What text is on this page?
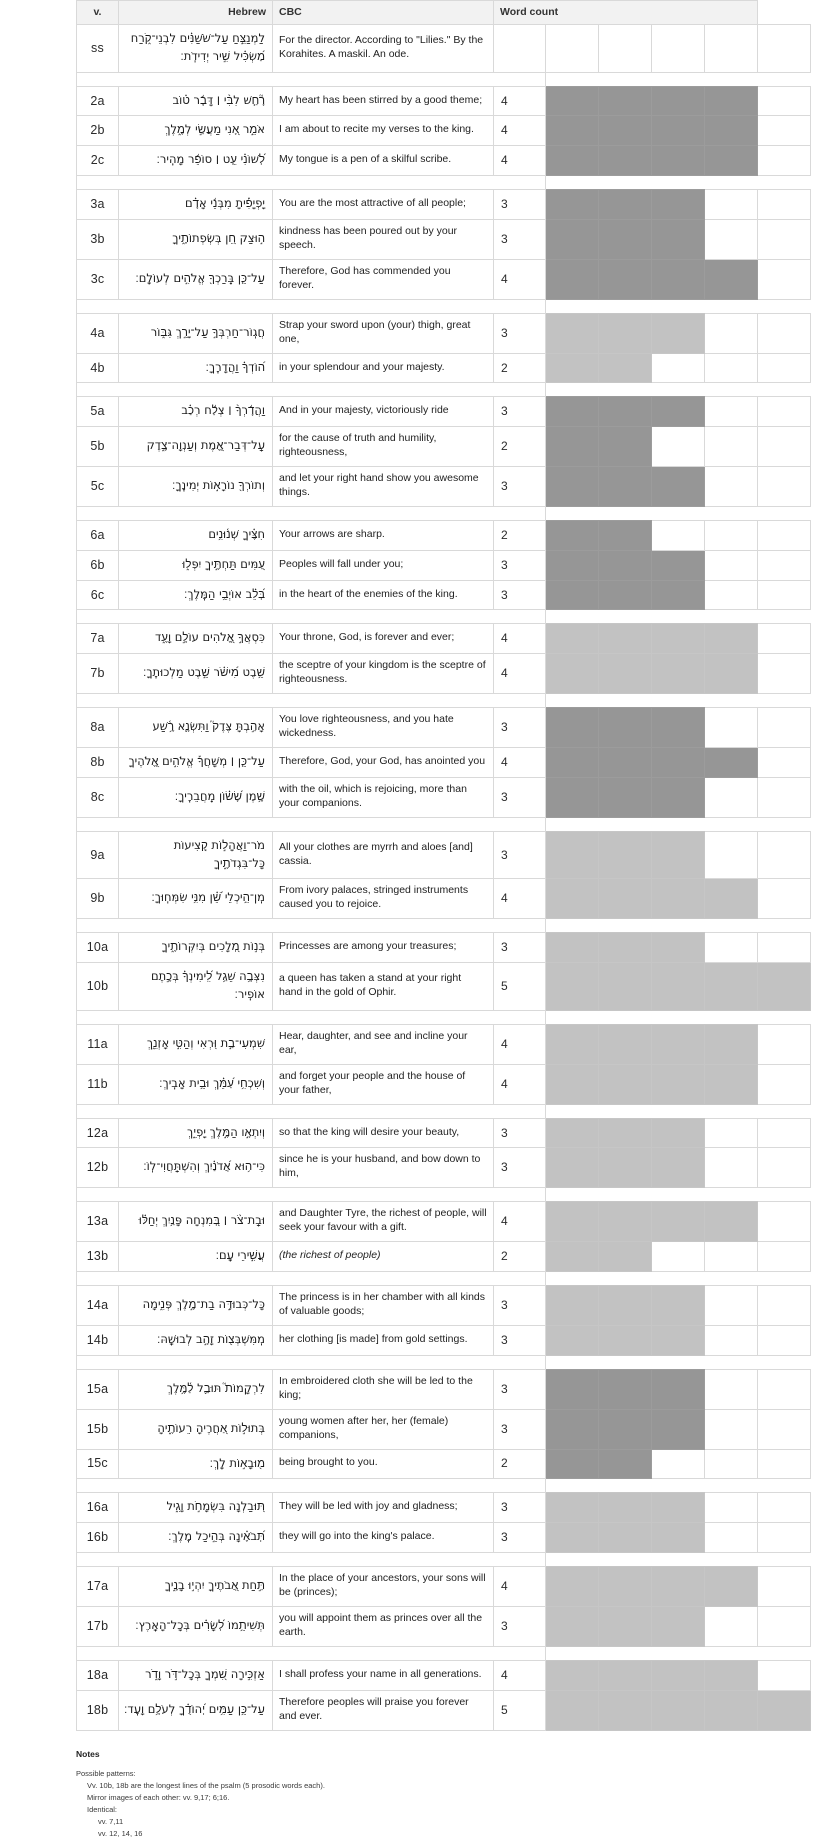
v.	Hebrew	CBC	Word count					
ss	לַמְנַצֵּ֣חַ עַל־שֹׁשַׁנִּ֗ים לִבְנֵי־קֹ֑רַח מַ֝שְׂכִּ֗יל שִׁ֣יר יְדִידֹֽת׃	For the director. According to "Lilies." By the Korahites. A maskil. An ode.						

2a	רָ֘חַ֤שׁ לִבִּ֨י ׀ דָּבָ֬ר ט֗וֹב	My heart has been stirred by a good theme;	4					
2b	אֹמֵ֣ר אָ֭נִי מַעֲשַׂ֣י לְמֶ֑לֶךְ	I am about to recite my verses to the king.	4					
2c	לְ֝שׁוֹנִ֗י עֵ֤ט ׀ סוֹפֵ֬ר מָהִֽיר׃	My tongue is a pen of a skilful scribe.	4					

3a	יָפְיָפִ֡יתָ מִבְּנֵ֬י אָדָ֗ם	You are the most attractive of all people;	3					
3b	ה֣וּצַק חֵ֭ן בְּשְׂפְתוֹתֶ֑יךָ	kindness has been poured out by your speech.	3					
3c	עַל־כֵּ֤ן בֵּֽרַכְךָ֖ אֱלֹהִ֣ים לְעוֹלָֽם׃	Therefore, God has commended you forever.	4					

4a	חֲגֽוֹר־חַרְבְּךָ֣ עַל־יָרֵ֣ךְ גִּבּ֑וֹר	Strap your sword upon (your) thigh, great one,	3					
4b	ה֝וֹדְךָ֗ וַהֲדָרֶֽךָ׃	in your splendour and your majesty.	2					

5a	וַהֲדָ֬רְךָ֨ ׀ צְלַ֬ח רְכַ֗ב	And in your majesty, victoriously ride	3					
5b	עַֽל־דְּבַר־אֱ֭מֶת וְעַנְוָה־צֶ֑דֶק	for the cause of truth and humility, righteousness,	2					
5c	וְתוֹרְךָ֖ נוֹרָא֣וֹת יְמִינֶֽךָ׃	and let your right hand show you awesome things.	3					

6a	חִצֶּ֗יךָ שְׁנ֫וּנִ֥ים	Your arrows are sharp.	2					
6b	עַ֭מִּים תַּחְתֶּ֣יךָ יִפְּל֑וּ	Peoples will fall under you;	3					
6c	בְּ֝לֵ֗ב אוֹיְבֵ֥י הַמֶּֽלֶךְ׃	in the heart of the enemies of the king.	3					

7a	כִּסְאֲךָ֣ אֱ֭לֹהִים עוֹלָ֣ם וָעֶ֑ד	Your throne, God, is forever and ever;	4					
7b	שֵׁ֥בֶט מִ֝ישֹׁ֗ר שֵׁ֣בֶט מַלְכוּתֶֽךָ׃	the sceptre of your kingdom is the sceptre of righteousness.	4					

8a	אָהַ֣בְתָּ צֶּדֶק֮ וַתִּשְׂנָ֪א רֶ֥֫שַׁע	You love righteousness, and you hate wickedness.	3					
8b	עַל־כֵּ֤ן ׀ מְשָׁחֲךָ֡ אֱלֹהִ֣ים אֱ֭לֹהֶיךָ	Therefore, God, your God, has anointed you	4					
8c	שֶׁ֥מֶן שָׂ֝שׂ֗וֹן מֵֽחֲבֵרֶֽיךָ׃	with the oil, which is rejoicing, more than your companions.	3					

9a	מֹר־וַאֲהָל֣וֹת קְ֭צִיעוֹת כָּל־בִּגְדֹתֶ֑יךָ	All your clothes are myrrh and aloes [and] cassia.	3					
9b	מִֽן־הֵ֥יכְלֵי שֵׁ֝֗ן מִנִּ֥י שִׂמְּחֽוּךָ׃	From ivory palaces, stringed instruments caused you to rejoice.	4					

10a	בְּנ֣וֹת מְ֭לָכִים בְּיִקְּרוֹתֶ֑יךָ	Princesses are among your treasures;	3					
10b	נִצְּבָ֥ה שֵׁגַ֥ל לִֽ֝ימִינְךָ֗ בְּכֶ֣תֶם אוֹפִֽיר׃	a queen has taken a stand at your right hand in the gold of Ophir.	5					

11a	שִׁמְעִי־בַ֣ת וּ֭רְאִי וְהַטִּ֣י אָזְנֵ֑ךְ	Hear, daughter, and see and incline your ear,	4					
11b	וְשִׁכְחִ֥י עַ֝מֵּ֗ךְ וּבֵ֥ית אָבִֽיךְ׃	and forget your people and the house of your father,	4					

12a	וְיִתְאָ֣ו הַמֶּ֣לֶךְ יָפְיֵ֑ךְ	so that the king will desire your beauty,	3					
12b	כִּי־ה֥וּא אֲ֝דֹנַ֗יִךְ וְהִשְׁתַּֽחֲוִי־לֽוֹ׃	since he is your husband, and bow down to him,	3					

13a	וּבַֽת־צֹ֨ר ׀ בְּ֭מִנְחָה פָּנַ֥יִךְ יְחַלּ֗וּ	and Daughter Tyre, the richest of people, will seek your favour with a gift.	4					
13b	עֲשִׁ֣ירֵי עָֽם׃	(the richest of people)	2					

14a	כָּל־כְּבוּדָּ֣ה בַת־מֶ֣לֶךְ פְּנִ֑ימָה	The princess is in her chamber with all kinds of valuable goods;	3					
14b	מִֽמִּשְׁבְּצ֖וֹת זָהָ֣ב לְבוּשָֽׁהּ׃	her clothing [is made] from gold settings.	3					

15a	לִרְקָמוֹת֮ תּוּבַ֪ל לַ֫מֶּ֥לֶךְ	In embroidered cloth she will be led to the king;	3					
15b	בְּתוּל֣וֹת אַ֭חֲרֶיהָ רֵעוֹתֶ֑יהָ	young women after her, her (female) companions,	3					
15c	מ֖וּבָא֣וֹת לָֽךְ׃	being brought to you.	2					

16a	תּ֭וּבַלְנָה בִּשְׂמָחֹ֣ת וָגִ֑יל	They will be led with joy and gladness;	3					
16b	תְּ֝בֹאֶ֗ינָה בְּהֵ֣יכַל מֶֽלֶךְ׃	they will go into the king's palace.	3					

17a	תַּ֣חַת אֲ֭בֹתֶיךָ יִהְי֣וּ בָנֶ֑יךָ	In the place of your ancestors, your sons will be (princes);	4					
17b	תְּשִׁיתֵ֥מוֹ לְ֝שָׂרִ֗ים בְּכָל־הָאָֽרֶץ׃	you will appoint them as princes over all the earth.	3					

18a	אַזְכִּ֣ירָה שִׁ֭מְךָ בְּכָל־דֹּ֣ר וָדֹ֑ר	I shall profess your name in all generations.	4					
18b	עַל־כֵּ֥ן עַמִּ֥ים יְ֝הוֹדֻ֗ךָ לְעֹלָ֥ם וָעֶֽד׃	Therefore peoples will praise you forever and ever.	5					
Notes
Possible patterns:
Vv. 10b, 18b are the longest lines of the psalm (5 prosodic words each).
Mirror images of each other: vv. 9,17; 6;16.
Identical:
vv. 7,11
vv. 12, 14, 16
